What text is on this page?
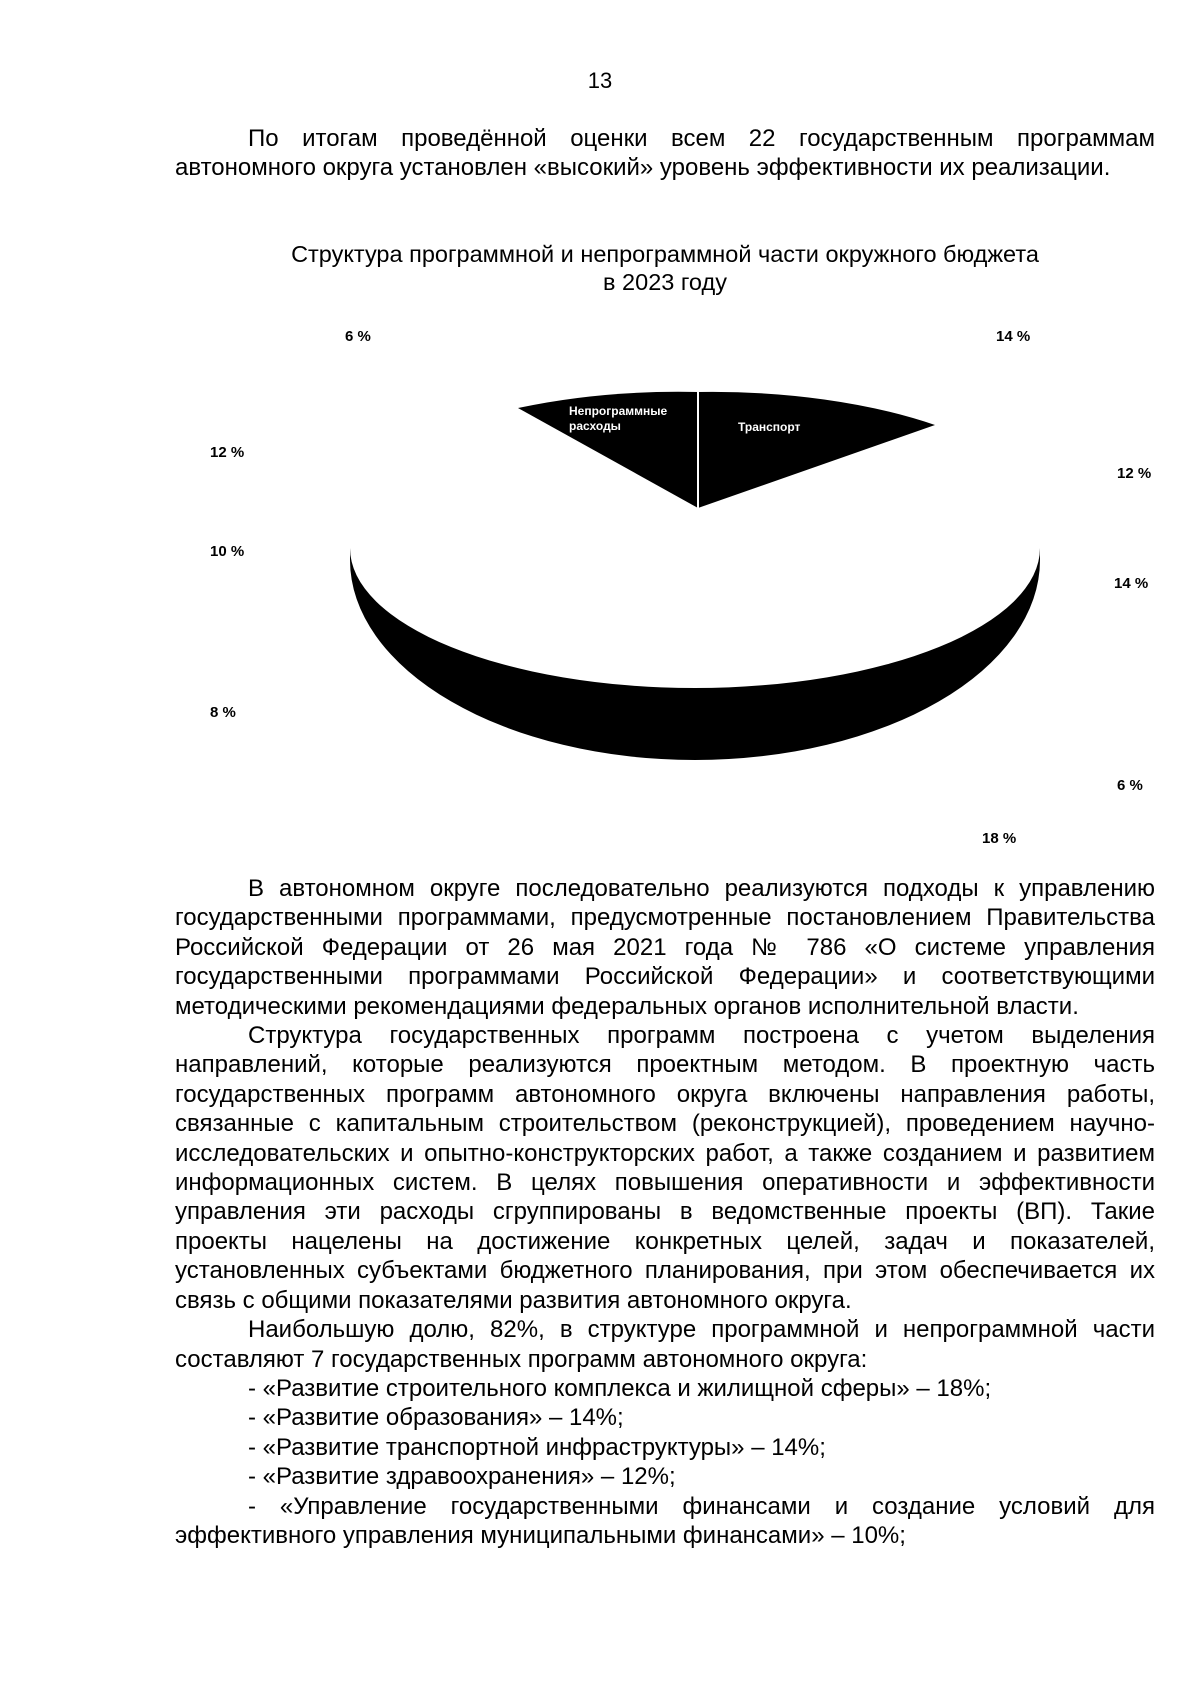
13

По итогам проведённой оценки всем 22 государственным программам автономного округа установлен «высокий» уровень эффективности их реализации.

Структура программной и непрограммной части окружного бюджета
в 2023 году
Непрограммные
расходы	Транспорт
6 %	14 %
12 %
12 %
10 %
14 %
8 %
6 %
18 %

В автономном округе последовательно реализуются подходы к управлению государственными программами, предусмотренные постановлением Правительства Российской Федерации от 26 мая 2021 года № 786 «О системе управления государственными программами Российской Федерации» и соответствующими методическими рекомендациями федеральных органов исполнительной власти.

Структура государственных программ построена с учетом выделения направлений, которые реализуются проектным методом. В проектную часть государственных программ автономного округа включены направления работы, связанные с капитальным строительством (реконструкцией), проведением научно-исследовательских и опытно-конструкторских работ, а также созданием и развитием информационных систем. В целях повышения оперативности и эффективности управления эти расходы сгруппированы в ведомственные проекты (ВП). Такие проекты нацелены на достижение конкретных целей, задач и показателей, установленных субъектами бюджетного планирования, при этом обеспечивается их связь с общими показателями развития автономного округа.

Наибольшую долю, 82%, в структуре программной и непрограммной части составляют 7 государственных программ автономного округа:

- «Развитие строительного комплекса и жилищной сферы» – 18%;

- «Развитие образования» – 14%;

- «Развитие транспортной инфраструктуры» – 14%;

- «Развитие здравоохранения» – 12%;

- «Управление государственными финансами и создание условий для эффективного управления муниципальными финансами» – 10%;
